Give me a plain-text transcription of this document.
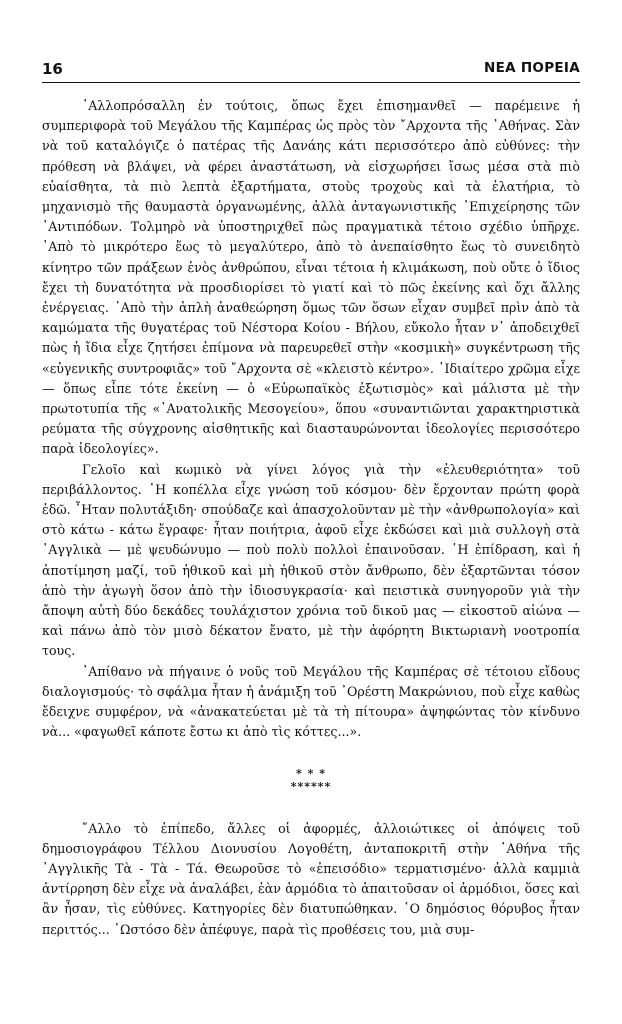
16	ΝΕΑ ΠΟΡΕΙΑ

᾿Αλλοπρόσαλλη ἐν τούτοις, ὅπως ἔχει ἐπισημανθεῖ — παρέμεινε ἡ συμπεριφορὰ τοῦ Μεγάλου τῆς Καμπέρας ὡς πρὸς τὸν ῎Αρχοντα τῆς ᾿Αθήνας. Σὰν νὰ τοῦ καταλόγιζε ὁ πατέρας τῆς Δανάης κάτι περισσότερο ἀπὸ εὐθύνες: τὴν πρόθεση νὰ βλάψει, νὰ φέρει ἀναστάτωση, νὰ εἰσχωρήσει ἴσως μέσα στὰ πιὸ εὐαίσθητα, τὰ πιὸ λεπτὰ ἐξαρτήματα, στοὺς τροχοὺς καὶ τὰ ἐλατήρια, τὸ μηχανισμὸ τῆς θαυμαστὰ ὀργανωμένης, ἀλλὰ ἀνταγωνιστικῆς ᾿Επιχείρησης τῶν ᾿Αντιπόδων. Τολμηρὸ νὰ ὑποστηριχθεῖ πὼς πραγματικὰ τέτοιο σχέδιο ὑπῆρχε. ᾿Απὸ τὸ μικρότερο ἕως τὸ μεγαλύτερο, ἀπὸ τὸ ἀνεπαίσθητο ἕως τὸ συνειδητὸ κίνητρο τῶν πράξεων ἑνὸς ἀνθρώπου, εἶναι τέτοια ἡ κλιμάκωση, ποὺ οὔτε ὁ ἴδιος ἔχει τὴ δυνατότητα νὰ προσδιορίσει τὸ γιατί καὶ τὸ πῶς ἐκείνης καὶ ὄχι ἄλλης ἐνέργειας. ᾿Απὸ τὴν ἁπλὴ ἀναθεώρηση ὅμως τῶν ὅσων εἶχαν συμβεῖ πρὶν ἀπὸ τὰ καμώματα τῆς θυγατέρας τοῦ Νέστορα Κοίου - Βήλου, εὔκολο ἦταν ν᾿ ἀποδειχθεῖ πὼς ἡ ἴδια εἶχε ζητήσει ἐπίμονα νὰ παρευρεθεῖ στὴν «κοσμικὴ» συγκέντρωση τῆς «εὐγενικῆς συντροφιᾶς» τοῦ ῎Αρχοντα σὲ «κλειστὸ κέντρο». ᾿Ιδιαίτερο χρῶμα εἶχε — ὅπως εἶπε τότε ἐκείνη — ὁ «Εὐρωπαϊκὸς ἐξωτισμὸς» καὶ μάλιστα μὲ τὴν πρωτοτυπία τῆς «᾿Ανατολικῆς Μεσογείου», ὅπου «συναντιῶνται χαρακτηριστικὰ ρεύματα τῆς σύγχρονης αἰσθητικῆς καὶ διασταυρώνονται ἰδεολογίες περισσότερο παρὰ ἰδεολογίες».

Γελοῖο καὶ κωμικὸ νὰ γίνει λόγος γιὰ τὴν «ἐλευθεριότητα» τοῦ περιβάλλοντος. ῾Η κοπέλλα εἶχε γνώση τοῦ κόσμου· δὲν ἔρχονταν πρώτη φορὰ ἐδῶ. ῏Ηταν πολυτάξιδη· σπούδαζε καὶ ἀπασχολοῦνταν μὲ τὴν «ἀνθρωπολογία» καὶ στὸ κάτω - κάτω ἔγραφε· ἦταν ποιήτρια, ἀφοῦ εἶχε ἐκδώσει καὶ μιὰ συλλογὴ στὰ ᾿Αγγλικὰ — μὲ ψευδώνυμο — ποὺ πολὺ πολλοὶ ἐπαινοῦσαν. ῾Η ἐπίδραση, καὶ ἡ ἀποτίμηση μαζί, τοῦ ἠθικοῦ καὶ μὴ ἠθικοῦ στὸν ἄνθρωπο, δὲν ἐξαρτῶνται τόσον ἀπὸ τὴν ἀγωγὴ ὅσον ἀπὸ τὴν ἰδιοσυγκρασία· καὶ πειστικὰ συνηγοροῦν γιὰ τὴν ἄποψη αὐτὴ δύο δεκάδες τουλάχιστον χρόνια τοῦ δικοῦ μας — εἰκοστοῦ αἰώνα — καὶ πάνω ἀπὸ τὸν μισὸ δέκατον ἔνατο, μὲ τὴν ἀφόρητη Βικτωριανὴ νοοτροπία τους.

᾿Απίθανο νὰ πήγαινε ὁ νοῦς τοῦ Μεγάλου τῆς Καμπέρας σὲ τέτοιου εἴδους διαλογισμούς· τὸ σφάλμα ἦταν ἡ ἀνάμιξη τοῦ ᾿Ορέστη Μακρώνιου, ποὺ εἶχε καθὼς ἔδειχνε συμφέρον, νὰ «ἀνακατεύεται μὲ τὰ τὴ πίτουρα» ἀψηφώντας τὸν κίνδυνο νὰ... «φαγωθεῖ κάποτε ἔστω κι ἀπὸ τὶς κόττες...».

* * *
******

῎Αλλο τὸ ἐπίπεδο, ἄλλες οἱ ἀφορμές, ἀλλοιώτικες οἱ ἀπόψεις τοῦ δημοσιογράφου Τέλλου Διονυσίου Λογοθέτη, ἀνταποκριτῆ στὴν ᾿Αθήνα τῆς ᾿Αγγλικῆς Τὰ - Τὰ - Τά. Θεωροῦσε τὸ «ἐπεισόδιο» τερματισμένο· ἀλλὰ καμμιὰ ἀντίρρηση δὲν εἶχε νὰ ἀναλάβει, ἐὰν ἁρμόδια τὸ ἀπαιτοῦσαν οἱ ἁρμόδιοι, ὅσες καὶ ἂν ἦσαν, τὶς εὐθύνες. Κατηγορίες δὲν διατυπώθηκαν. ῾Ο δημόσιος θόρυβος ἦταν περιττός... ῾Ωστόσο δὲν ἀπέφυγε, παρὰ τὶς προθέσεις του, μιὰ συμ-
